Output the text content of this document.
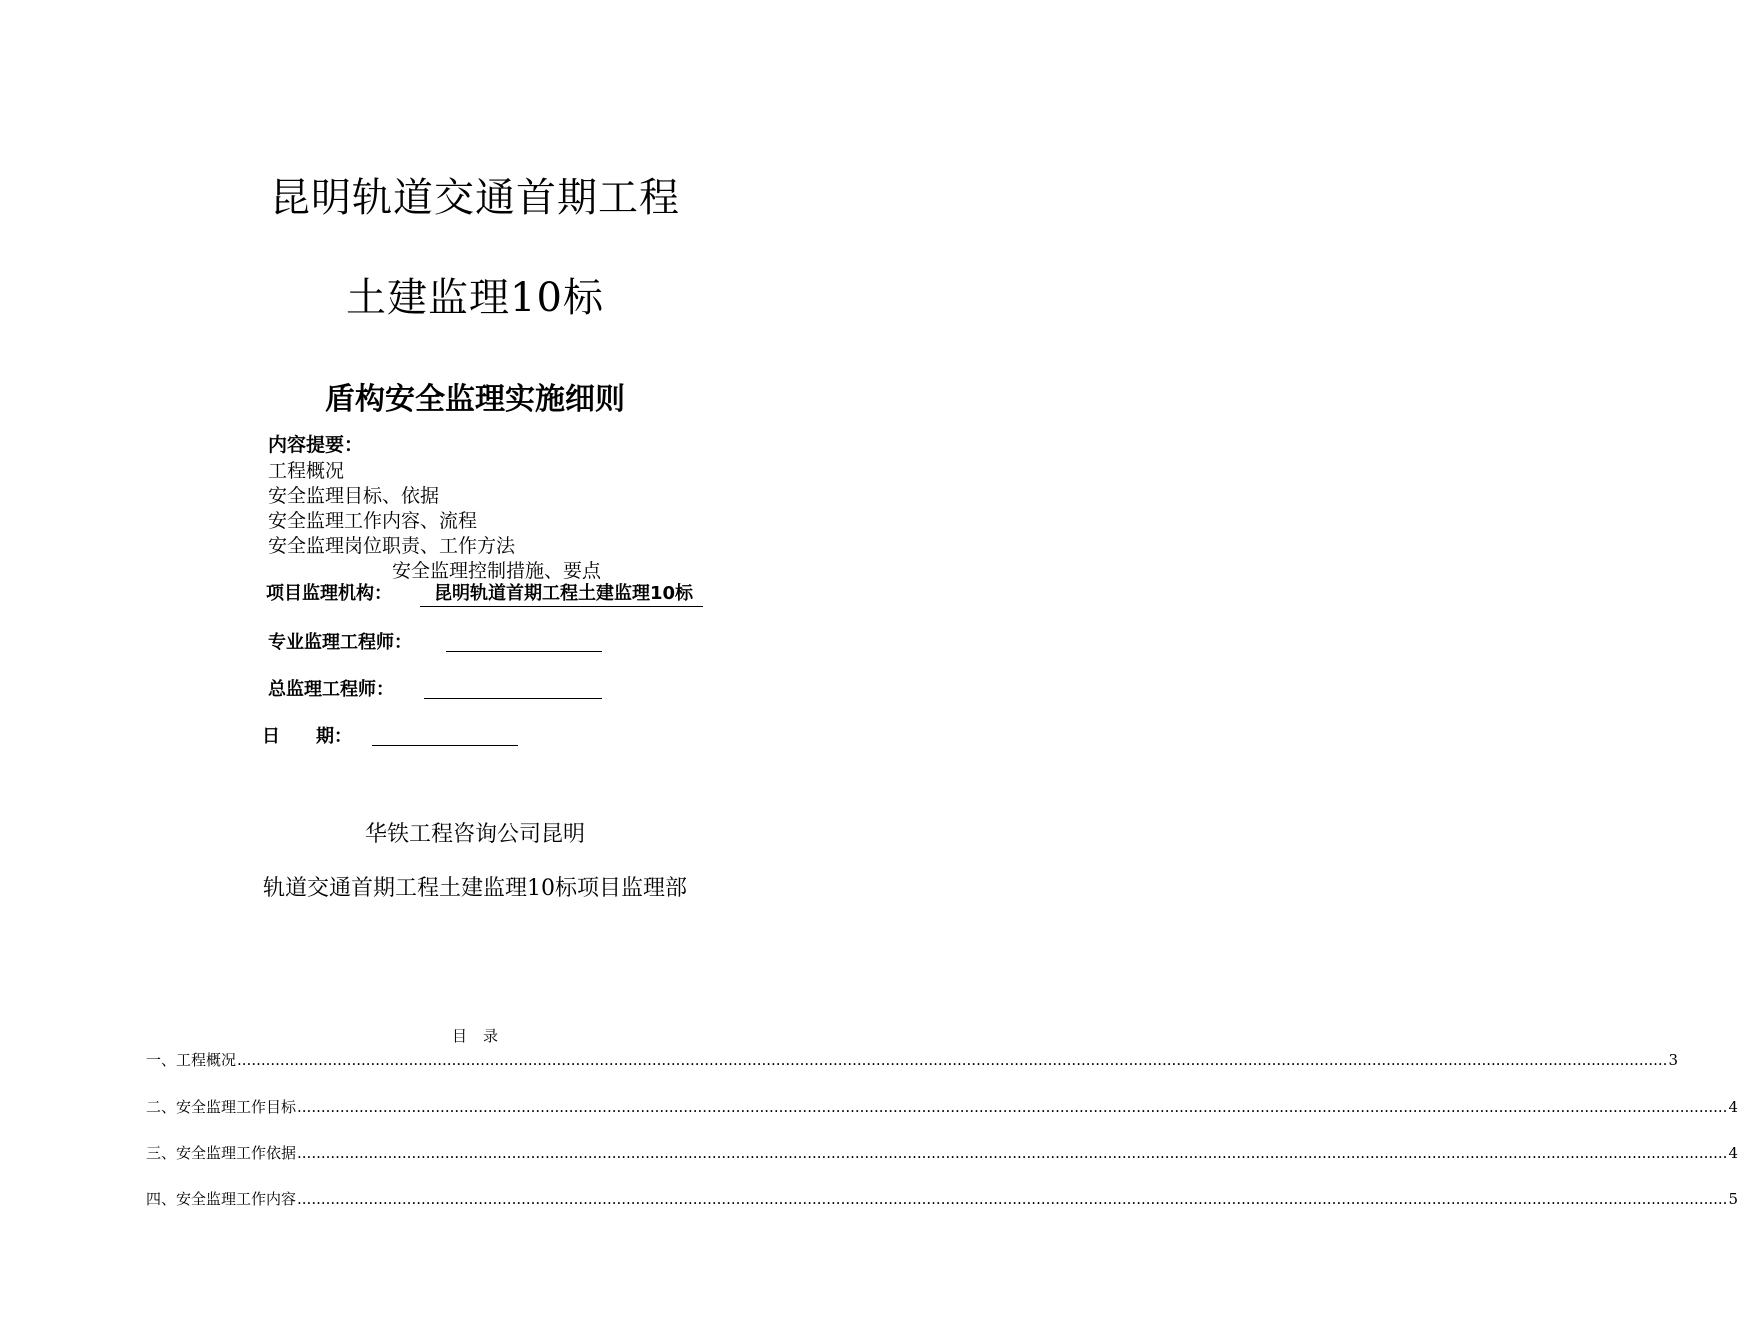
昆明轨道交通首期工程
土建监理10标
盾构安全监理实施细则
内容提要：
工程概况
安全监理目标、依据
安全监理工作内容、流程
安全监理岗位职责、工作方法
安全监理控制措施、要点
项目监理机构：	昆明轨道首期工程土建监理10标
专业监理工程师：
总监理工程师：
日　　期：
华铁工程咨询公司昆明
轨道交通首期工程土建监理10标项目监理部
目录
一、工程概况 ............................................................................................................................................................................................................................................................................................................ 3
二、安全监理工作目标 ............................................................................................................................................................................................................................................................................................................ 4
三、安全监理工作依据 ............................................................................................................................................................................................................................................................................................................ 4
四、安全监理工作内容 ............................................................................................................................................................................................................................................................................................................ 5
